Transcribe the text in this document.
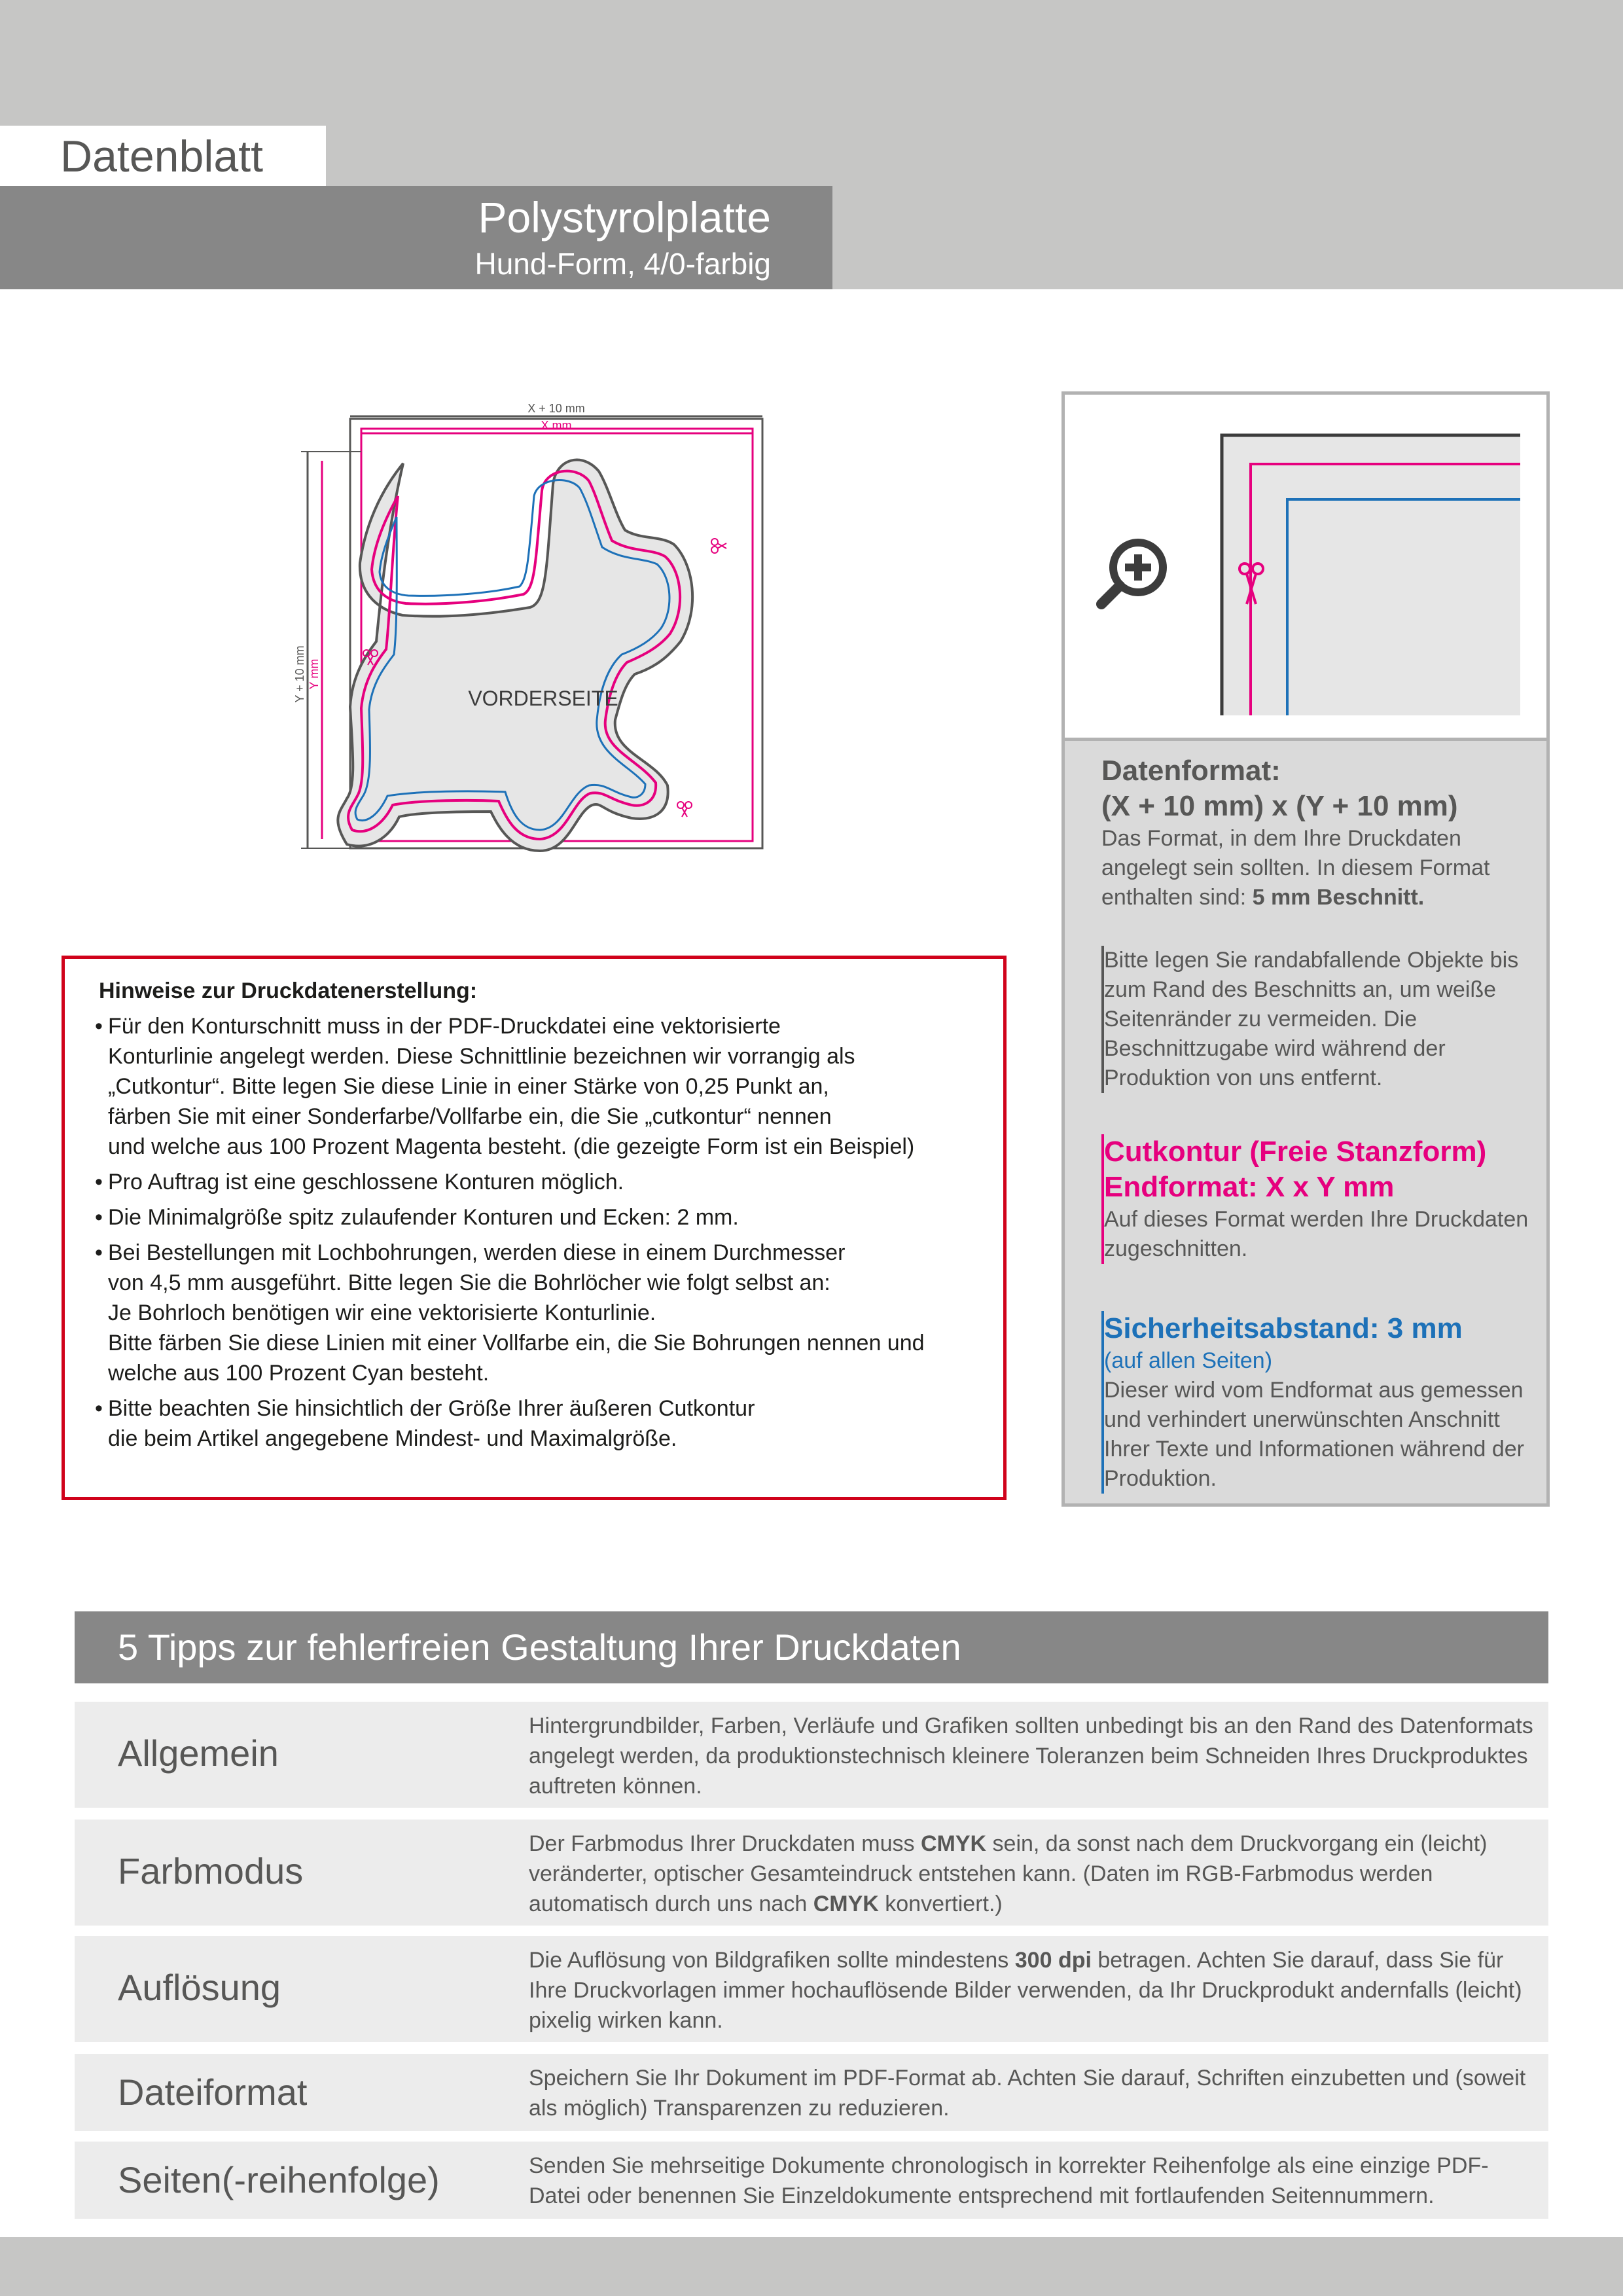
Datenblatt
Polystyrolplatte
Hund-Form, 4/0-farbig
X + 10 mm
X mm
Y + 10 mm Y mm
VORDERSEITE
Hinweise zur Druckdatenerstellung:
• Für den Konturschnitt muss in der PDF-Druckdatei eine vektorisierte
Konturlinie angelegt werden. Diese Schnittlinie bezeichnen wir vorrangig als
„Cutkontur“. Bitte legen Sie diese Linie in einer Stärke von 0,25 Punkt an,
färben Sie mit einer Sonderfarbe/Vollfarbe ein, die Sie „cutkontur“ nennen
und welche aus 100 Prozent Magenta besteht. (die gezeigte Form ist ein Beispiel)
• Pro Auftrag ist eine geschlossene Konturen möglich.
• Die Minimalgröße spitz zulaufender Konturen und Ecken: 2 mm.
• Bei Bestellungen mit Lochbohrungen, werden diese in einem Durchmesser
von 4,5 mm ausgeführt. Bitte legen Sie die Bohrlöcher wie folgt selbst an:
Je Bohrloch benötigen wir eine vektorisierte Konturlinie.
Bitte färben Sie diese Linien mit einer Vollfarbe ein, die Sie Bohrungen nennen und
welche aus 100 Prozent Cyan besteht.
• Bitte beachten Sie hinsichtlich der Größe Ihrer äußeren Cutkontur
die beim Artikel angegebene Mindest- und Maximalgröße.
Datenformat:
(X + 10 mm) x (Y + 10 mm)
Das Format, in dem Ihre Druckdaten angelegt sein sollten. In diesem Format enthalten sind: 5 mm Beschnitt.
Bitte legen Sie randabfallende Objekte bis zum Rand des Beschnitts an, um weiße Seitenränder zu vermeiden. Die Beschnittzugabe wird während der Produktion von uns entfernt.
Cutkontur (Freie Stanzform)
Endformat: X x Y mm
Auf dieses Format werden Ihre Druckdaten zugeschnitten.
Sicherheitsabstand: 3 mm
(auf allen Seiten)
Dieser wird vom Endformat aus gemessen und verhindert unerwünschten Anschnitt Ihrer Texte und Informationen während der Produktion.
5 Tipps zur fehlerfreien Gestaltung Ihrer Druckdaten
Allgemein
Hintergrundbilder, Farben, Verläufe und Grafiken sollten unbedingt bis an den Rand des Datenformats angelegt werden, da produktionstechnisch kleinere Toleranzen beim Schneiden Ihres Druckproduktes auftreten können.
Farbmodus
Der Farbmodus Ihrer Druckdaten muss CMYK sein, da sonst nach dem Druckvorgang ein (leicht) veränderter, optischer Gesamteindruck entstehen kann. (Daten im RGB-Farbmodus werden automatisch durch uns nach CMYK konvertiert.)
Auflösung
Die Auflösung von Bildgrafiken sollte mindestens 300 dpi betragen. Achten Sie darauf, dass Sie für Ihre Druckvorlagen immer hochauflösende Bilder verwenden, da Ihr Druckprodukt andernfalls (leicht) pixelig wirken kann.
Dateiformat	Speichern Sie Ihr Dokument im PDF-Format ab. Achten Sie darauf, Schriften einzubetten und (soweit als möglich) Transparenzen zu reduzieren.
Seiten(-reihenfolge)	Senden Sie mehrseitige Dokumente chronologisch in korrekter Reihenfolge als eine einzige PDF-Datei oder benennen Sie Einzeldokumente entsprechend mit fortlaufenden Seitennummern.
